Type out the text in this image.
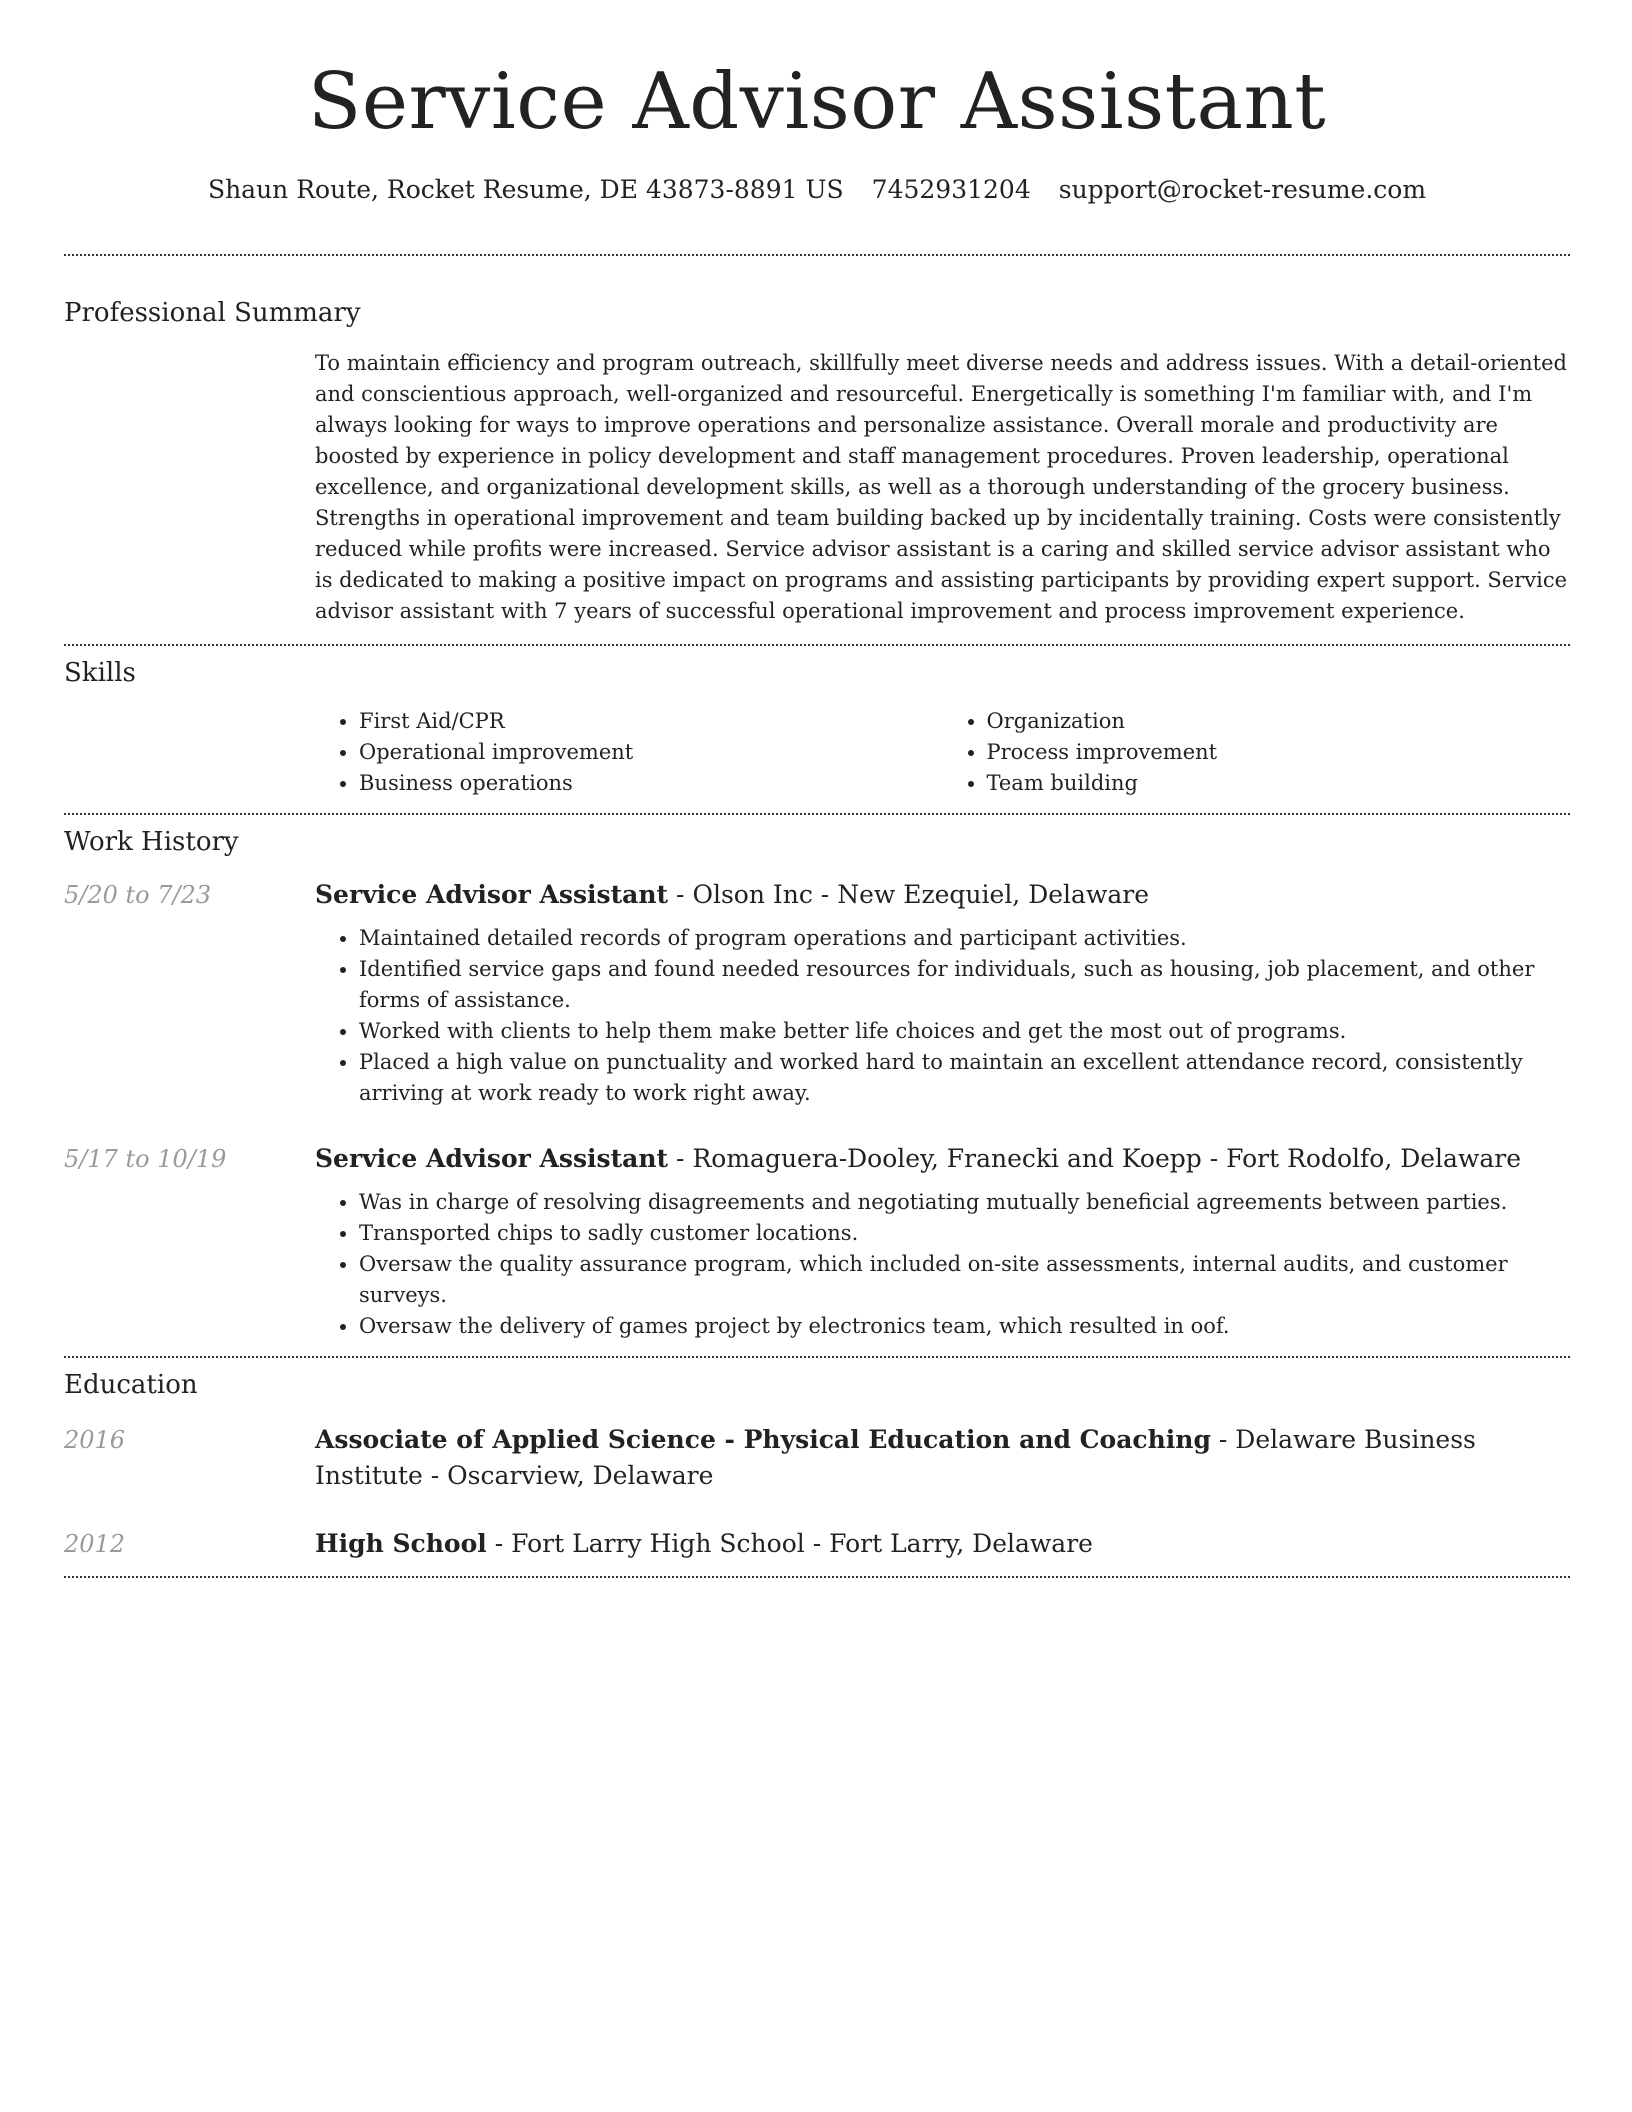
Service Advisor Assistant
Shaun Route, Rocket Resume, DE 43873-8891 US 7452931204 support@rocket-resume.com
Professional Summary

To maintain efficiency and program outreach, skillfully meet diverse needs and address issues. With a detail-oriented and conscientious approach, well-organized and resourceful. Energetically is something I'm familiar with, and I'm always looking for ways to improve operations and personalize assistance. Overall morale and productivity are boosted by experience in policy development and staff management procedures. Proven leadership, operational excellence, and organizational development skills, as well as a thorough understanding of the grocery business. Strengths in operational improvement and team building backed up by incidentally training. Costs were consistently reduced while profits were increased. Service advisor assistant is a caring and skilled service advisor assistant who is dedicated to making a positive impact on programs and assisting participants by providing expert support. Service advisor assistant with 7 years of successful operational improvement and process improvement experience.

Skills
• First Aid/CPR
• Operational improvement
• Business operations
• Organization
• Process improvement
• Team building
Work History
5/20 to 7/23	Service Advisor Assistant - Olson Inc - New Ezequiel, Delaware
• Maintained detailed records of program operations and participant activities.
• Identified service gaps and found needed resources for individuals, such as housing, job placement, and other forms of assistance.
• Worked with clients to help them make better life choices and get the most out of programs.
• Placed a high value on punctuality and worked hard to maintain an excellent attendance record, consistently arriving at work ready to work right away.
5/17 to 10/19	Service Advisor Assistant - Romaguera-Dooley, Franecki and Koepp - Fort Rodolfo, Delaware
• Was in charge of resolving disagreements and negotiating mutually beneficial agreements between parties.
• Transported chips to sadly customer locations.
• Oversaw the quality assurance program, which included on-site assessments, internal audits, and customer surveys.
• Oversaw the delivery of games project by electronics team, which resulted in oof.
Education
2016	Associate of Applied Science - Physical Education and Coaching - Delaware Business Institute - Oscarview, Delaware
2012	High School - Fort Larry High School - Fort Larry, Delaware
